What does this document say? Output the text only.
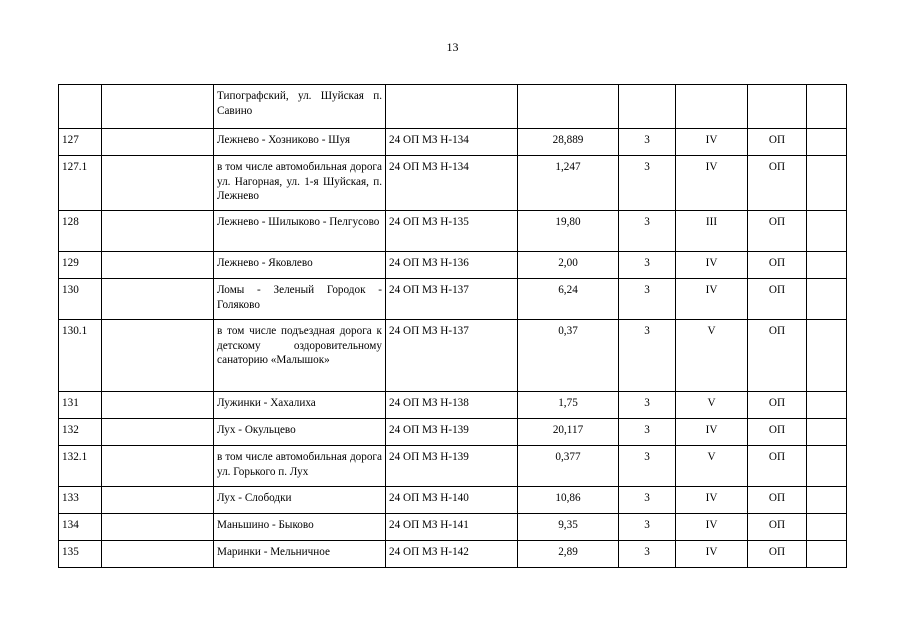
13
		Типографский, ул. Шуйская п. Савино						
127		Лежнево - Хозниково - Шуя	24 ОП МЗ Н-134	28,889	3	IV	ОП	
127.1		в том числе автомобильная дорога ул. Нагорная, ул. 1-я Шуйская, п. Лежнево	24 ОП МЗ Н-134	1,247	3	IV	ОП	
128		Лежнево - Шилыково - Пелгусово	24 ОП МЗ Н-135	19,80	3	III	ОП	
129		Лежнево - Яковлево	24 ОП МЗ Н-136	2,00	3	IV	ОП	
130		Ломы - Зеленый Городок - Голяково	24 ОП МЗ Н-137	6,24	3	IV	ОП	
130.1		в том числе подъездная дорога к детскому оздоровительному санаторию «Малышок»	24 ОП МЗ Н-137	0,37	3	V	ОП	
131		Лужинки - Хахалиха	24 ОП МЗ Н-138	1,75	3	V	ОП	
132		Лух - Окульцево	24 ОП МЗ Н-139	20,117	3	IV	ОП	
132.1		в том числе автомобильная дорога ул. Горького п. Лух	24 ОП МЗ Н-139	0,377	3	V	ОП	
133		Лух - Слободки	24 ОП МЗ Н-140	10,86	3	IV	ОП	
134		Маньшино - Быково	24 ОП МЗ Н-141	9,35	3	IV	ОП	
135		Маринки - Мельничное	24 ОП МЗ Н-142	2,89	3	IV	ОП	
